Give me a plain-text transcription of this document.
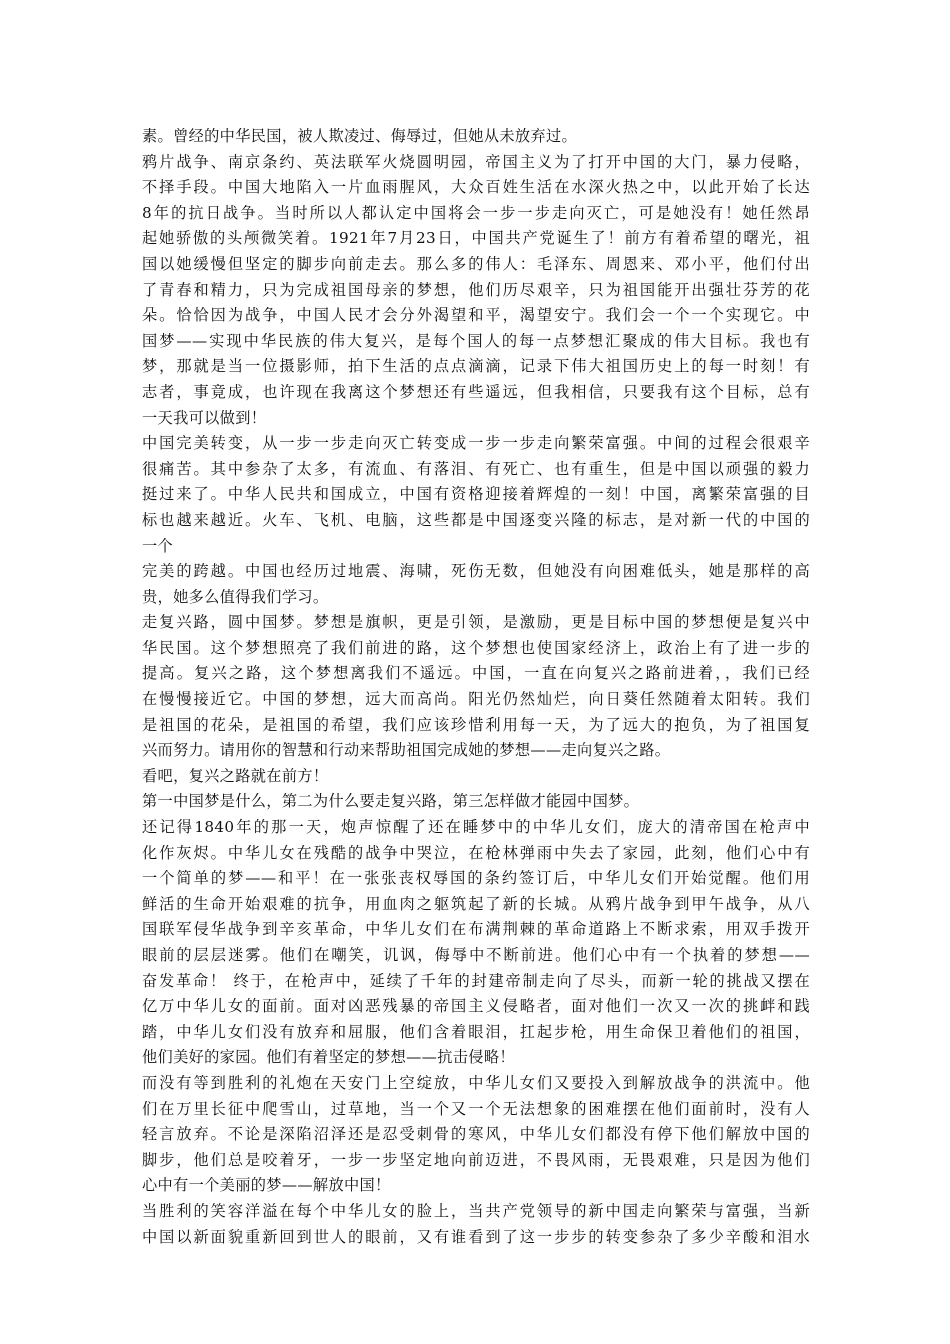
素。曾经的中华民国，被人欺凌过、侮辱过，但她从未放弃过。
鸦片战争、南京条约、英法联军火烧圆明园，帝国主义为了打开中国的大门，暴力侵略，
不择手段。中国大地陷入一片血雨腥风，大众百姓生活在水深火热之中，以此开始了长达
8年的抗日战争。当时所以人都认定中国将会一步一步走向灭亡，可是她没有！她任然昂
起她骄傲的头颅微笑着。1921年7月23日，中国共产党诞生了！前方有着希望的曙光，祖
国以她缓慢但坚定的脚步向前走去。那么多的伟人：毛泽东、周恩来、邓小平，他们付出
了青春和精力，只为完成祖国母亲的梦想，他们历尽艰辛，只为祖国能开出强壮芬芳的花
朵。恰恰因为战争，中国人民才会分外渴望和平，渴望安宁。我们会一个一个实现它。中
国梦——实现中华民族的伟大复兴，是每个国人的每一点梦想汇聚成的伟大目标。我也有
梦，那就是当一位摄影师，拍下生活的点点滴滴，记录下伟大祖国历史上的每一时刻！有
志者，事竟成，也许现在我离这个梦想还有些遥远，但我相信，只要我有这个目标，总有
一天我可以做到！
中国完美转变，从一步一步走向灭亡转变成一步一步走向繁荣富强。中间的过程会很艰辛
很痛苦。其中参杂了太多，有流血、有落泪、有死亡、也有重生，但是中国以顽强的毅力
挺过来了。中华人民共和国成立，中国有资格迎接着辉煌的一刻！中国，离繁荣富强的目
标也越来越近。火车、飞机、电脑，这些都是中国逐变兴隆的标志，是对新一代的中国的
一个
完美的跨越。中国也经历过地震、海啸，死伤无数，但她没有向困难低头，她是那样的高
贵，她多么值得我们学习。
走复兴路，圆中国梦。梦想是旗帜，更是引领，是激励，更是目标中国的梦想便是复兴中
华民国。这个梦想照亮了我们前进的路，这个梦想也使国家经济上，政治上有了进一步的
提高。复兴之路，这个梦想离我们不遥远。中国，一直在向复兴之路前进着，，我们已经
在慢慢接近它。中国的梦想，远大而高尚。阳光仍然灿烂，向日葵任然随着太阳转。我们
是祖国的花朵，是祖国的希望，我们应该珍惜利用每一天，为了远大的抱负，为了祖国复
兴而努力。请用你的智慧和行动来帮助祖国完成她的梦想——走向复兴之路。
看吧，复兴之路就在前方！
第一中国梦是什么，第二为什么要走复兴路，第三怎样做才能园中国梦。
还记得1840年的那一天，炮声惊醒了还在睡梦中的中华儿女们，庞大的清帝国在枪声中
化作灰烬。中华儿女在残酷的战争中哭泣，在枪林弹雨中失去了家园，此刻，他们心中有
一个简单的梦——和平！在一张张丧权辱国的条约签订后，中华儿女们开始觉醒。他们用
鲜活的生命开始艰难的抗争，用血肉之躯筑起了新的长城。从鸦片战争到甲午战争，从八
国联军侵华战争到辛亥革命，中华儿女们在布满荆棘的革命道路上不断求索，用双手拨开
眼前的层层迷雾。他们在嘲笑，讥讽，侮辱中不断前进。他们心中有一个执着的梦想——
奋发革命！ 终于，在枪声中，延续了千年的封建帝制走向了尽头，而新一轮的挑战又摆在
亿万中华儿女的面前。面对凶恶残暴的帝国主义侵略者，面对他们一次又一次的挑衅和践
踏，中华儿女们没有放弃和屈服，他们含着眼泪，扛起步枪，用生命保卫着他们的祖国，
他们美好的家园。他们有着坚定的梦想——抗击侵略！
而没有等到胜利的礼炮在天安门上空绽放，中华儿女们又要投入到解放战争的洪流中。他
们在万里长征中爬雪山，过草地，当一个又一个无法想象的困难摆在他们面前时，没有人
轻言放弃。不论是深陷沼泽还是忍受刺骨的寒风，中华儿女们都没有停下他们解放中国的
脚步，他们总是咬着牙，一步一步坚定地向前迈进，不畏风雨，无畏艰难，只是因为他们
心中有一个美丽的梦——解放中国！
当胜利的笑容洋溢在每个中华儿女的脸上，当共产党领导的新中国走向繁荣与富强，当新
中国以新面貌重新回到世人的眼前，又有谁看到了这一步步的转变参杂了多少辛酸和泪水
